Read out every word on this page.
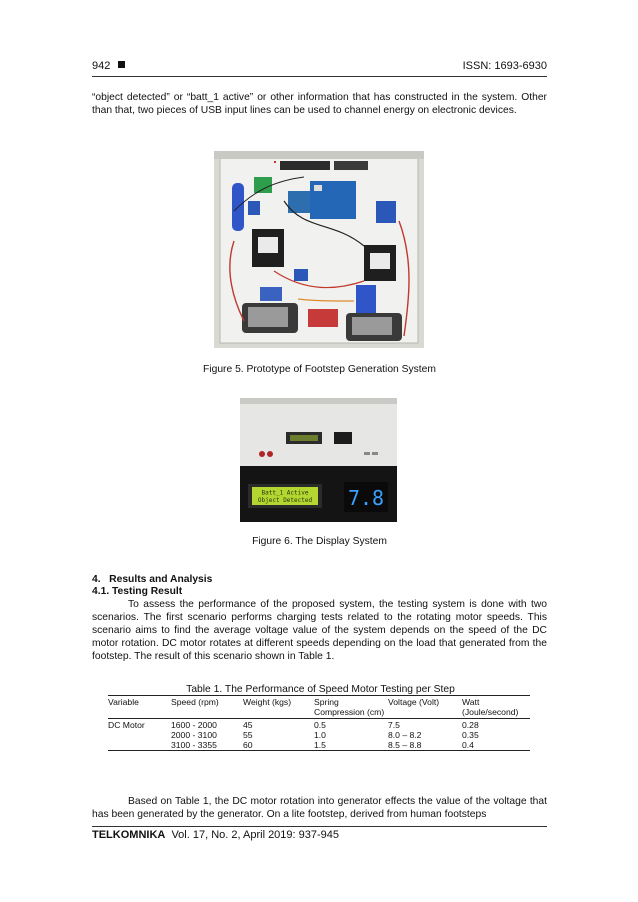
942	ISSN: 1693-6930

“object detected” or “batt_1 active” or other information that has constructed in the system. Other than that, two pieces of USB input lines can be used to channel energy on electronic devices.

Figure 5. Prototype of Footstep Generation System
Batt_1 Active
Object Detected 7.8
Figure 6. The Display System
4.   Results and Analysis
4.1. Testing Result

To assess the performance of the proposed system, the testing system is done with two scenarios. The first scenario performs charging tests related to the rotating motor speeds. This scenario aims to find the average voltage value of the system depends on the speed of the DC motor rotation. DC motor rotates at different speeds depending on the load that generated from the footstep. The result of this scenario shown in Table 1.

Table 1. The Performance of Speed Motor Testing per Step
Variable	Speed (rpm)	Weight (kgs)	Spring Compression (cm)	Voltage (Volt)	Watt (Joule/second)
DC Motor	1600 - 2000	45	0.5	7.5	0.28
	2000 - 3100	55	1.0	8.0 – 8.2	0.35
	3100 - 3355	60	1.5	8.5 – 8.8	0.4

Based on Table 1, the DC motor rotation into generator effects the value of the voltage that has been generated by the generator. On a lite footstep, derived from human footsteps

TELKOMNIKA Vol. 17, No. 2, April 2019: 937-945
